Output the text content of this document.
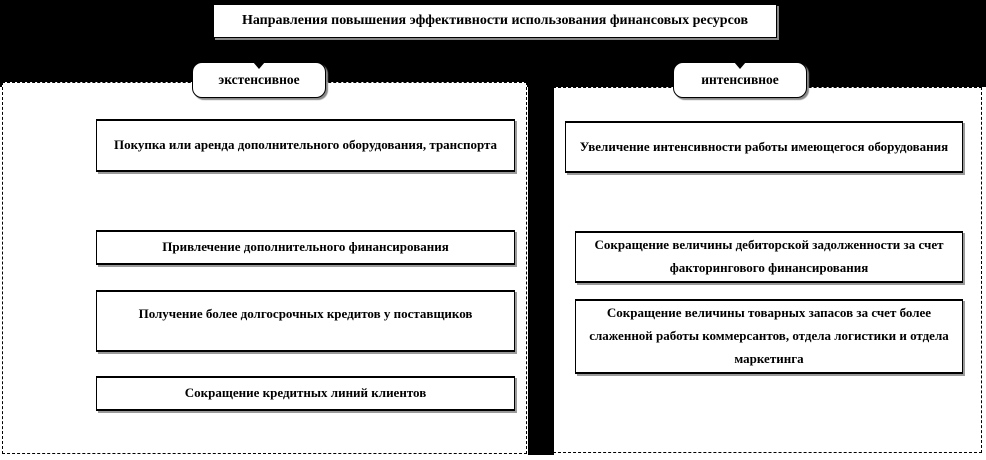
Направления повышения эффективности использования финансовых ресурсов
экстенсивное	интенсивное
Покупка или аренда дополнительного оборудования, транспорта
Привлечение дополнительного финансирования
Получение более долгосрочных кредитов у поставщиков
Сокращение кредитных линий клиентов
Увеличение интенсивности работы имеющегося оборудования
Сокращение величины дебиторской задолженности за счет факторингового финансирования
Сокращение величины товарных запасов за счет более слаженной работы коммерсантов, отдела логистики и отдела маркетинга
